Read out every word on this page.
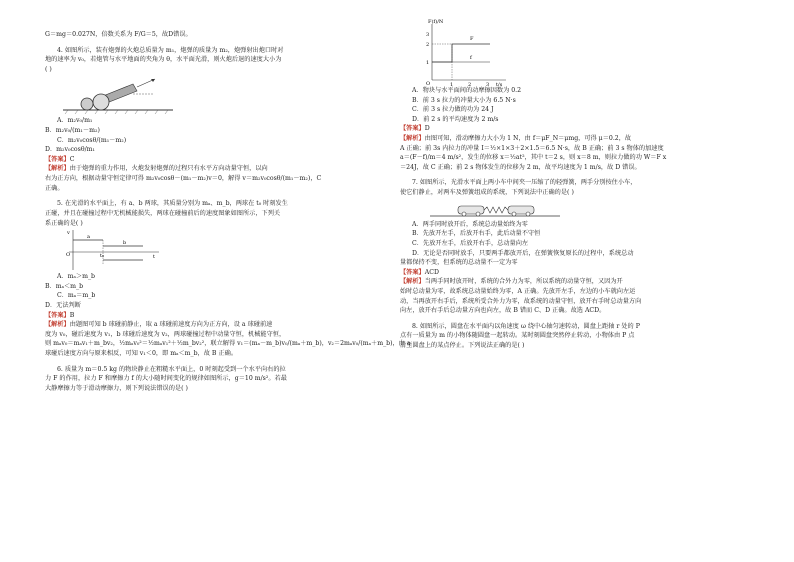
G＝mg＝0.027N，倍数关系为 F/G＝5，故D错误。

4. 如图所示，装有炮弹的火炮总质量为 m₁，炮弹的质量为 m₂，炮弹射出炮口时对

地的速率为 v₀，若炮管与水平地面的夹角为 θ，水平面光滑，则火炮后退的速度大小为

( )

A．m₂v₀/m₁

B．m₂v₀/(m₁－m₂)

C．m₂v₀cosθ/(m₁－m₂)

D．m₂v₀cosθ/m₁

【答案】C

【解析】由于炮弹的重力作用，火炮发射炮弹的过程只有水平方向动量守恒，以向

右为正方向，根据动量守恒定律可得 m₂v₀cosθ－(m₁－m₂)v＝0，解得 v＝m₂v₀cosθ/(m₁－m₂)，C

正确。

5. 在光滑的水平面上，有 a、b 两球，其质量分别为 mₐ、m_b，两球在 t₀ 时刻发生

正碰，并且在碰撞过程中无机械能损失，两球在碰撞前后的速度图象如图所示，下列关

系正确的是( )

v
a
b
O	t₀	t

A．mₐ＞m_b

B．mₐ＜m_b

C．mₐ＝m_b

D．无法判断

【答案】B

【解析】由题图可知 b 球碰前静止，取 a 球碰前速度方向为正方向，设 a 球碰前速

度为 v₀，碰后速度为 v₁，b 球碰后速度为 v₂，两球碰撞过程中动量守恒，机械能守恒，

则 mₐv₀＝mₐv₁＋m_bv₂，½mₐv₀²＝½mₐv₁²＋½m_bv₂²，联立解得 v₁＝(mₐ－m_b)v₀/(mₐ＋m_b)，v₂＝2mₐv₀/(mₐ＋m_b)，由 a

球碰后速度方向与原来相反，可知 v₁＜0，即 mₐ＜m_b，故 B 正确。

6. 质量为 m＝0.5 kg 的物块静止在粗糙水平面上，0 时刻起受到一个水平向右的拉

力 F 的作用，拉力 F 和摩擦力 f 的大小随时间变化的规律如图所示，g＝10 m/s²。若最

大静摩擦力等于滑动摩擦力，则下列说法错误的是( )

F(f)/N
F
f
3
2
1
O	1	2	3 t/s

A．物块与水平面间的动摩擦因数为 0.2

B．前 3 s 拉力的冲量大小为 6.5 N·s

C．前 3 s 拉力做的功为 24 J

D．前 2 s 的平均速度为 2 m/s

【答案】D

【解析】由图可知，滑动摩擦力大小为 1 N，由 f＝μF_N＝μmg，可得 μ＝0.2，故

A 正确；前 3s 内拉力的冲量 I＝½×1×3＋2×1.5＝6.5 N·s，故 B 正确；前 3 s 物体的加速度

a＝(F－f)/m＝4 m/s²，发生的位移 x＝½at²，其中 t＝2 s，则 x＝8 m，则拉力做的功 W＝F x

＝24J，故 C 正确；前 2 s 物体发生的位移为 2 m，故平均速度为 1 m/s，故 D 错误。

7. 如图所示，光滑水平面上两小车中间夹一压缩了的轻弹簧，两手分别按住小车，

使它们静止，对两车及弹簧组成的系统，下列说法中正确的是( )

A．两手同时放开后，系统总动量始终为零

B．先放开左手，后放开右手，此后动量不守恒

C．先放开左手，后放开右手，总动量向左

D．无论是否同时放手，只要两手都放开后，在弹簧恢复原长的过程中，系统总动

量都保持不变，但系统的总动量不一定为零

【答案】ACD

【解析】当两手同时放开时，系统的合外力为零，所以系统的动量守恒，又因为开

始时总动量为零，故系统总动量始终为零，A 正确。先放开左手，左边的小车就向左运

动，当再放开右手后，系统所受合外力为零，故系统的动量守恒，放开右手时总动量方向

向左，放开右手后总动量方向也向左，故 B 错而 C、D 正确。故选 ACD。

8. 如图所示，圆盘在水平面内以角速度 ω 绕中心轴匀速转动，圆盘上距轴 r 处的 P

点有一质量为 m 的小物体随圆盘一起转动。某时刻圆盘突然停止转动，小物体由 P 点

滑至圆盘上的某点停止。下列说法正确的是( )
